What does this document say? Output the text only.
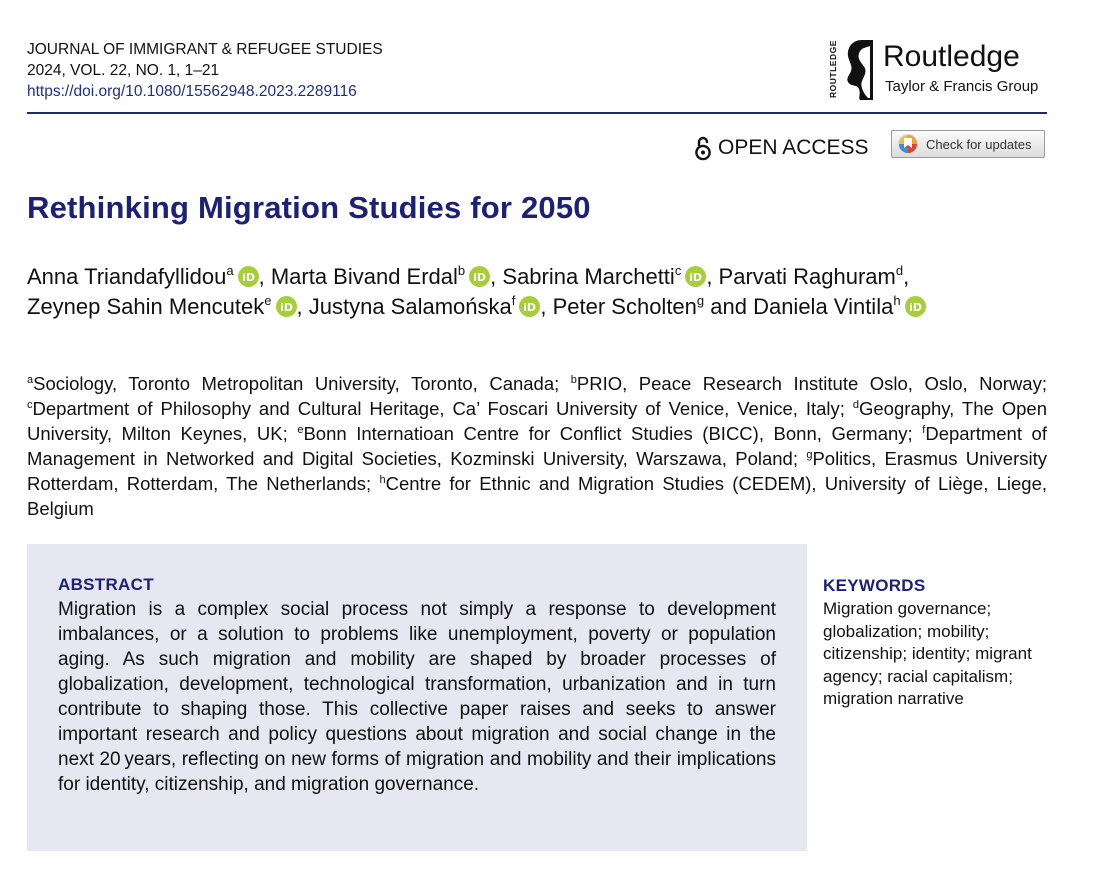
JOURNAL OF IMMIGRANT & REFUGEE STUDIES
2024, VOL. 22, NO. 1, 1–21
https://doi.org/10.1080/15562948.2023.2289116	ROUTLEDGE Routledge
Taylor & Francis Group
OPEN ACCESS	Check for updates
Rethinking Migration Studies for 2050
Anna Triandafyllidou$^a$ iD , Marta Bivand Erdal$^b$ iD , Sabrina Marchetti$^c$ iD , Parvati Raghuram$^d$, Zeynep Sahin Mencutek$^e$ iD , Justyna Salamońska$^f$ iD , Peter Scholten$^g$ and Daniela Vintila$^h$ iD
$^a$Sociology, Toronto Metropolitan University, Toronto, Canada; $^b$PRIO, Peace Research Institute Oslo, Oslo, Norway; $^c$Department of Philosophy and Cultural Heritage, Ca’ Foscari University of Venice, Venice, Italy; $^d$Geography, The Open University, Milton Keynes, UK; $^e$Bonn Internatioan Centre for Conflict Studies (BICC), Bonn, Germany; $^f$Department of Management in Networked and Digital Societies, Kozminski University, Warszawa, Poland; $^g$Politics, Erasmus University Rotterdam, Rotterdam, The Netherlands; $^h$Centre for Ethnic and Migration Studies (CEDEM), University of Liège, Liege, Belgium
ABSTRACT

Migration is a complex social process not simply a response to development imbalances, or a solution to problems like unemployment, poverty or population aging. As such migration and mobility are shaped by broader processes of globalization, development, technological transformation, urbanization and in turn contribute to shaping those. This collective paper raises and seeks to answer important research and policy questions about migration and social change in the next 20 years, reflecting on new forms of migration and mobility and their implications for identity, citizenship, and migration governance.

KEYWORDS

Migration governance; globalization; mobility; citizenship; identity; migrant agency; racial capitalism; migration narrative
